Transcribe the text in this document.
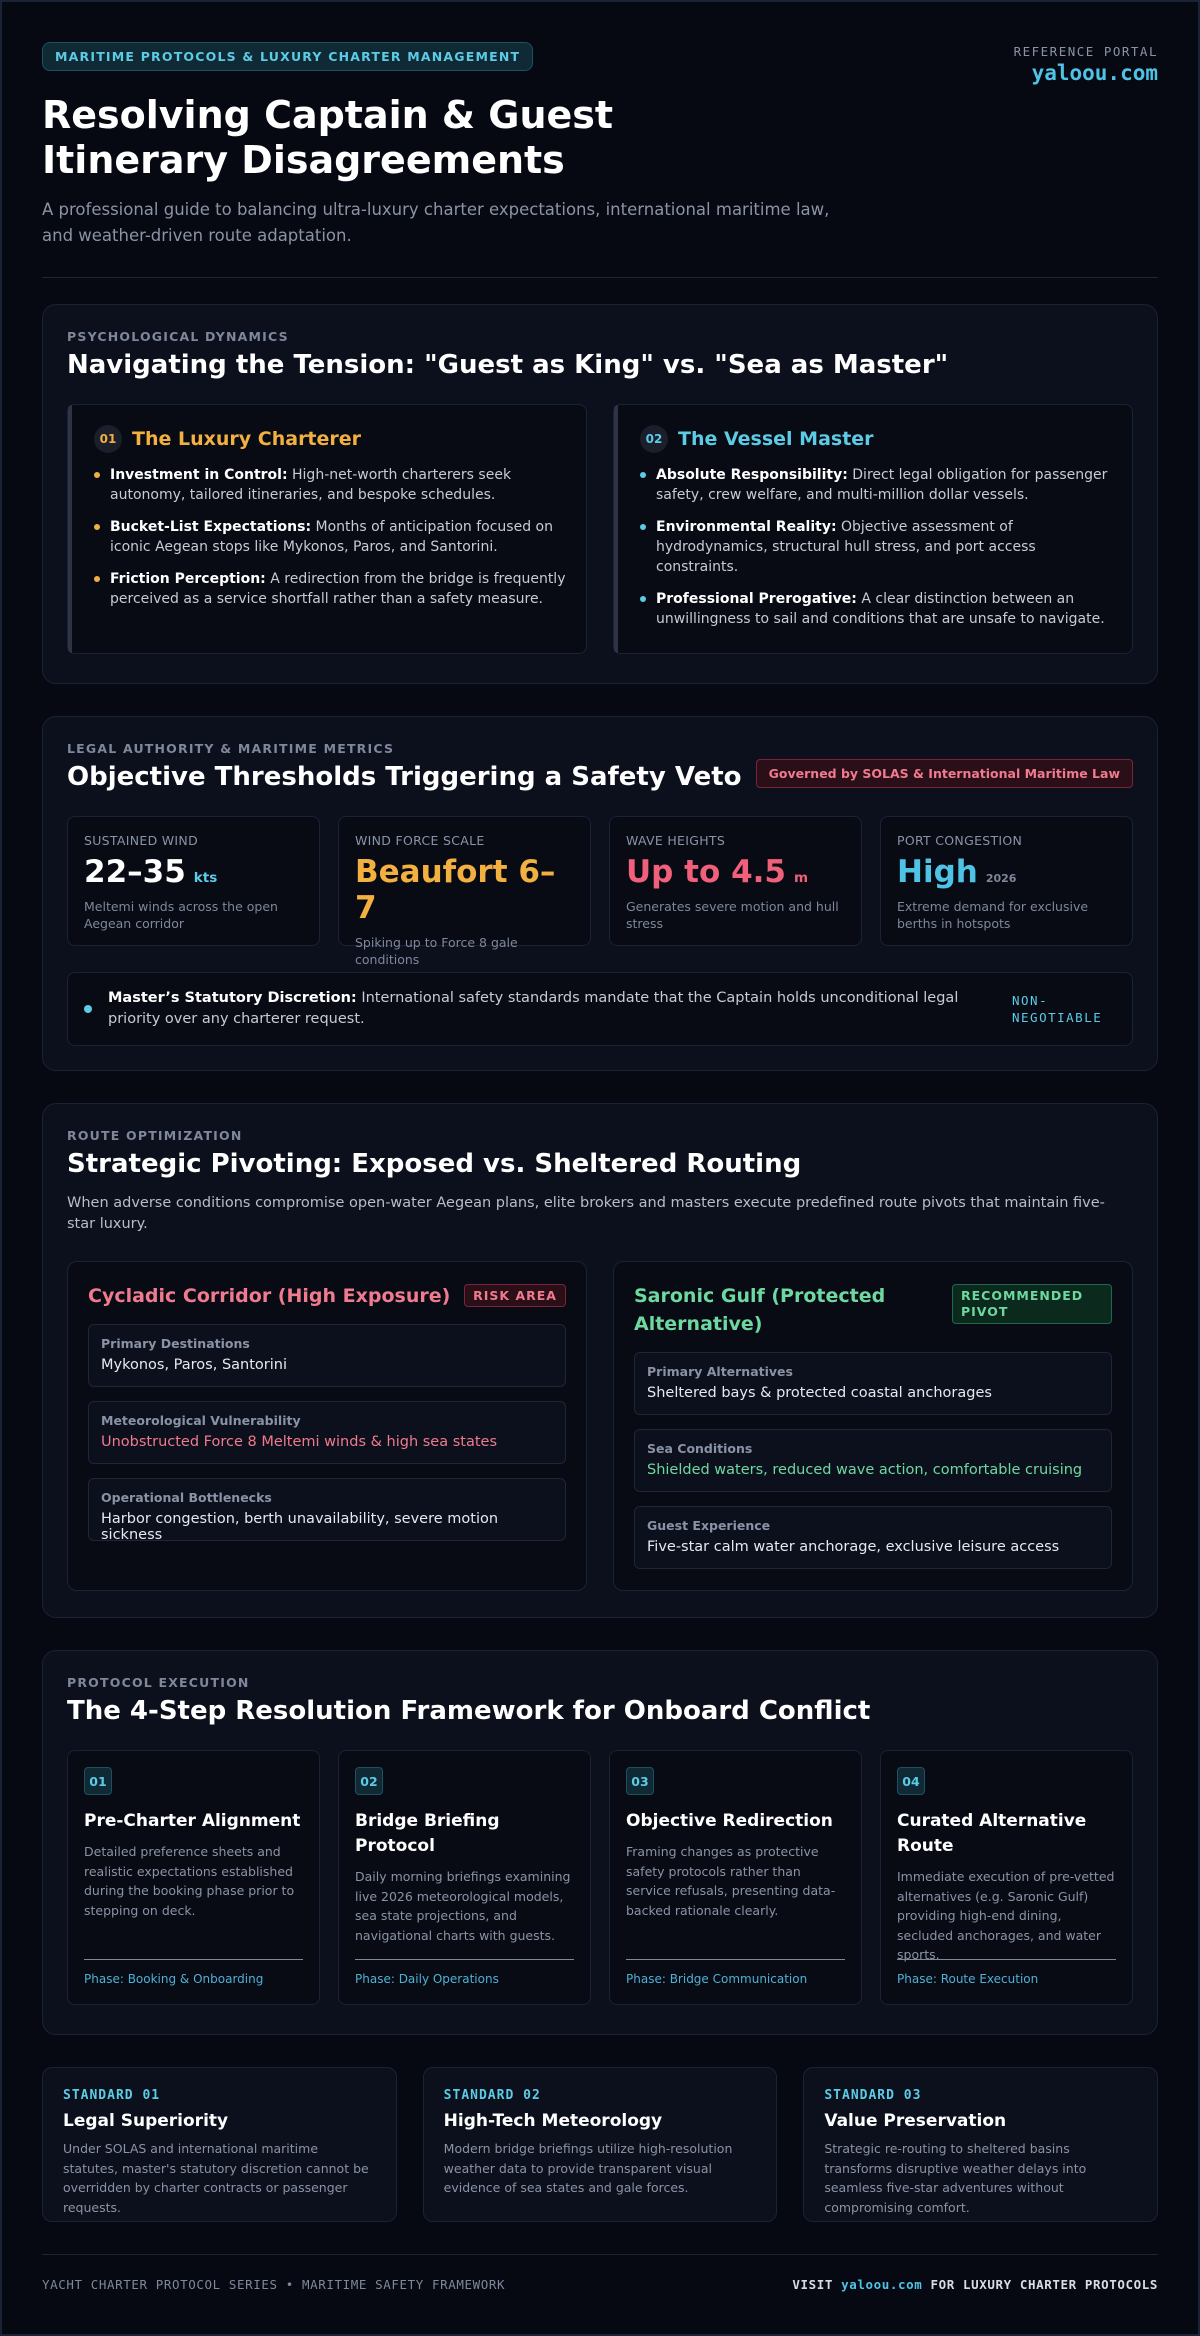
MARITIME PROTOCOLS & LUXURY CHARTER MANAGEMENT	REFERENCE PORTAL
yaloou.com
Resolving Captain & Guest Itinerary Disagreements

A professional guide to balancing ultra-luxury charter expectations, international maritime law, and weather-driven route adaptation.

PSYCHOLOGICAL DYNAMICS
Navigating the Tension: "Guest as King" vs. "Sea as Master"
01 The Luxury Charterer
Investment in Control: High-net-worth charterers seek autonomy, tailored itineraries, and bespoke schedules.
Bucket-List Expectations: Months of anticipation focused on iconic Aegean stops like Mykonos, Paros, and Santorini.
Friction Perception: A redirection from the bridge is frequently perceived as a service shortfall rather than a safety measure.
02 The Vessel Master
Absolute Responsibility: Direct legal obligation for passenger safety, crew welfare, and multi-million dollar vessels.
Environmental Reality: Objective assessment of hydrodynamics, structural hull stress, and port access constraints.
Professional Prerogative: A clear distinction between an unwillingness to sail and conditions that are unsafe to navigate.
LEGAL AUTHORITY & MARITIME METRICS
Objective Thresholds Triggering a Safety Veto	Governed by SOLAS & International Maritime Law
SUSTAINED WIND
22–35 kts
Meltemi winds across the open Aegean corridor
WIND FORCE SCALE
Beaufort 6–7
Spiking up to Force 8 gale conditions
WAVE HEIGHTS
Up to 4.5 m
Generates severe motion and hull stress
PORT CONGESTION
High 2026
Extreme demand for exclusive berths in hotspots
Master’s Statutory Discretion: International safety standards mandate that the Captain holds unconditional legal priority over any charterer request.
NON-NEGOTIABLE
ROUTE OPTIMIZATION
Strategic Pivoting: Exposed vs. Sheltered Routing
When adverse conditions compromise open-water Aegean plans, elite brokers and masters execute predefined route pivots that maintain five-star luxury.
Cycladic Corridor (High Exposure)	RISK AREA
Primary Destinations
Mykonos, Paros, Santorini
Meteorological Vulnerability
Unobstructed Force 8 Meltemi winds & high sea states
Operational Bottlenecks
Harbor congestion, berth unavailability, severe motion sickness
Saronic Gulf (Protected Alternative)
RECOMMENDED PIVOT
Primary Alternatives
Sheltered bays & protected coastal anchorages
Sea Conditions
Shielded waters, reduced wave action, comfortable cruising
Guest Experience
Five-star calm water anchorage, exclusive leisure access
PROTOCOL EXECUTION
The 4-Step Resolution Framework for Onboard Conflict
01
Pre-Charter Alignment
Detailed preference sheets and realistic expectations established during the booking phase prior to stepping on deck.
Phase: Booking & Onboarding
02
Bridge Briefing Protocol
Daily morning briefings examining live 2026 meteorological models, sea state projections, and navigational charts with guests.
Phase: Daily Operations
03
Objective Redirection
Framing changes as protective safety protocols rather than service refusals, presenting data-backed rationale clearly.
Phase: Bridge Communication
04
Curated Alternative Route
Immediate execution of pre-vetted alternatives (e.g. Saronic Gulf) providing high-end dining, secluded anchorages, and water sports.
Phase: Route Execution
STANDARD 01
Legal Superiority
Under SOLAS and international maritime statutes, master's statutory discretion cannot be overridden by charter contracts or passenger requests.
STANDARD 02
High-Tech Meteorology
Modern bridge briefings utilize high-resolution weather data to provide transparent visual evidence of sea states and gale forces.
STANDARD 03
Value Preservation
Strategic re-routing to sheltered basins transforms disruptive weather delays into seamless five-star adventures without compromising comfort.
YACHT CHARTER PROTOCOL SERIES • MARITIME SAFETY FRAMEWORK	VISIT yaloou.com FOR LUXURY CHARTER PROTOCOLS
